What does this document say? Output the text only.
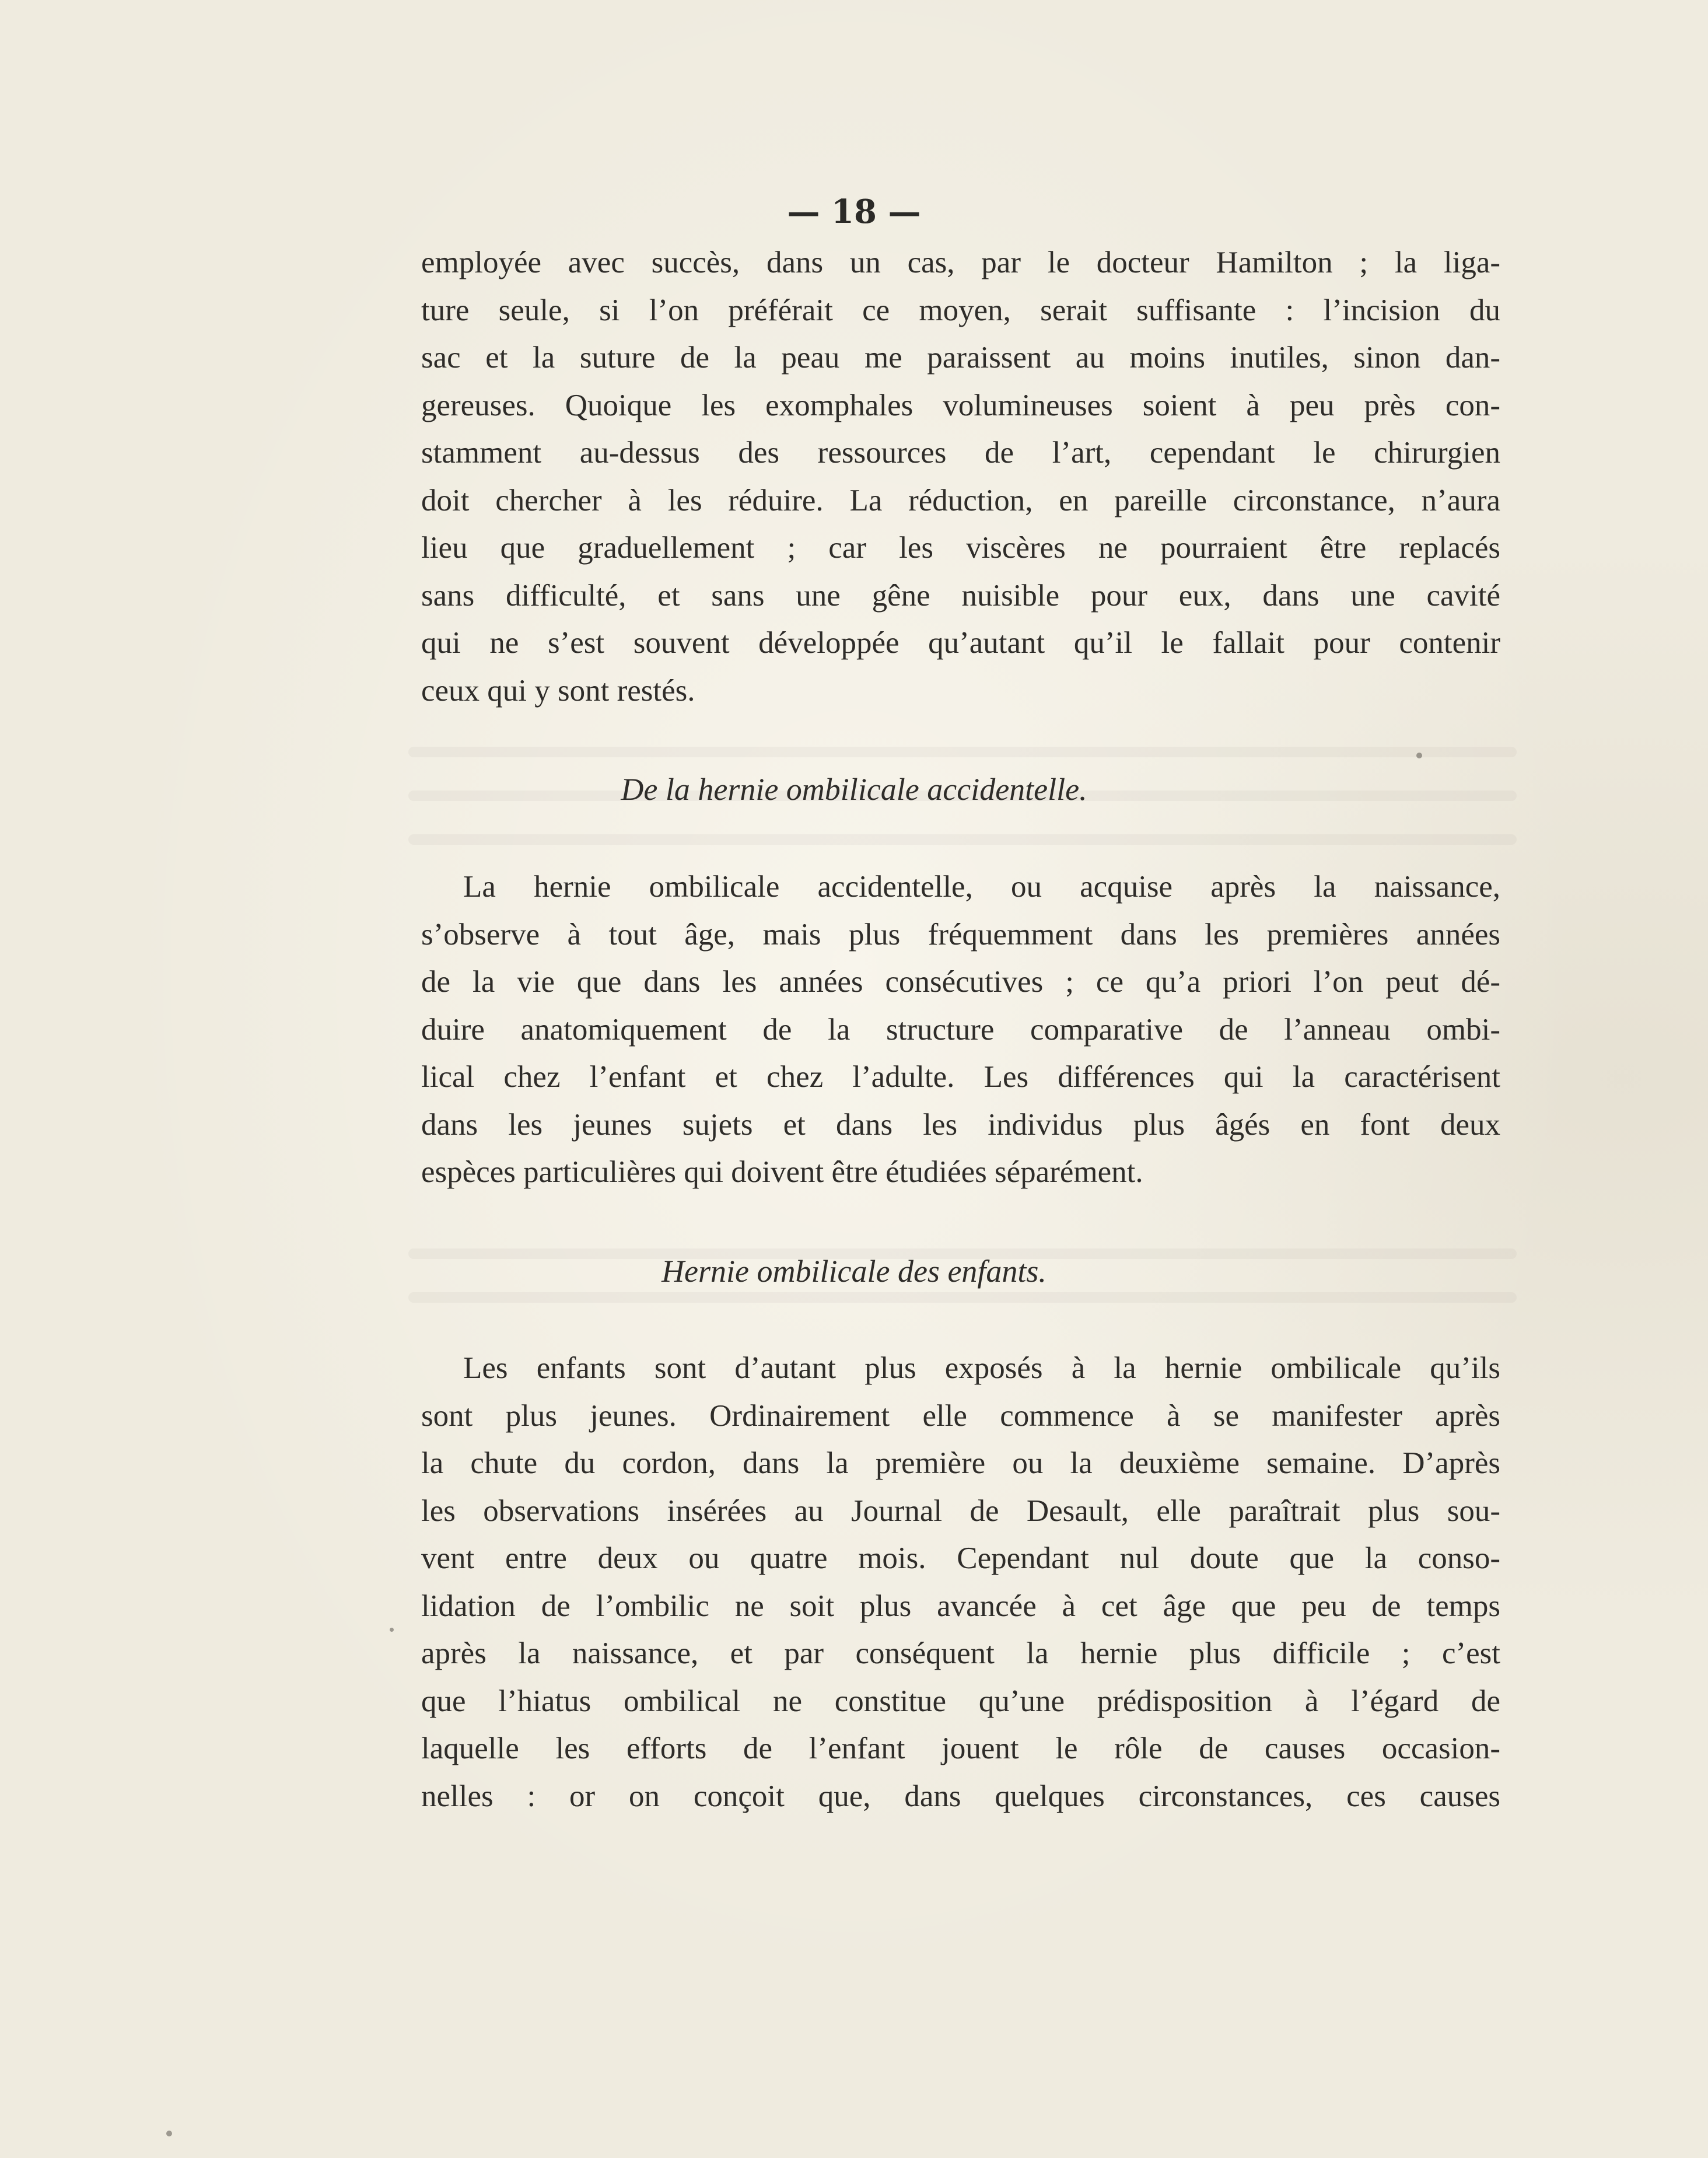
— 18 —

employée avec succès, dans un cas, par le docteur Hamilton ; la liga-
ture seule, si l’on préférait ce moyen, serait suffisante : l’incision du
sac et la suture de la peau me paraissent au moins inutiles, sinon dan-
gereuses. Quoique les exomphales volumineuses soient à peu près con-
stamment au-dessus des ressources de l’art, cependant le chirurgien
doit chercher à les réduire. La réduction, en pareille circonstance, n’aura
lieu que graduellement ; car les viscères ne pourraient être replacés
sans difficulté, et sans une gêne nuisible pour eux, dans une cavité
qui ne s’est souvent développée qu’autant qu’il le fallait pour contenir
ceux qui y sont restés.

De la hernie ombilicale accidentelle.

La hernie ombilicale accidentelle, ou acquise après la naissance,
s’observe à tout âge, mais plus fréquemment dans les premières années
de la vie que dans les années consécutives ; ce qu’a priori l’on peut dé-
duire anatomiquement de la structure comparative de l’anneau ombi-
lical chez l’enfant et chez l’adulte. Les différences qui la caractérisent
dans les jeunes sujets et dans les individus plus âgés en font deux
espèces particulières qui doivent être étudiées séparément.

Hernie ombilicale des enfants.

Les enfants sont d’autant plus exposés à la hernie ombilicale qu’ils
sont plus jeunes. Ordinairement elle commence à se manifester après
la chute du cordon, dans la première ou la deuxième semaine. D’après
les observations insérées au Journal de Desault, elle paraîtrait plus sou-
vent entre deux ou quatre mois. Cependant nul doute que la conso-
lidation de l’ombilic ne soit plus avancée à cet âge que peu de temps
après la naissance, et par conséquent la hernie plus difficile ; c’est
que l’hiatus ombilical ne constitue qu’une prédisposition à l’égard de
laquelle les efforts de l’enfant jouent le rôle de causes occasion-
nelles : or on conçoit que, dans quelques circonstances, ces causes
